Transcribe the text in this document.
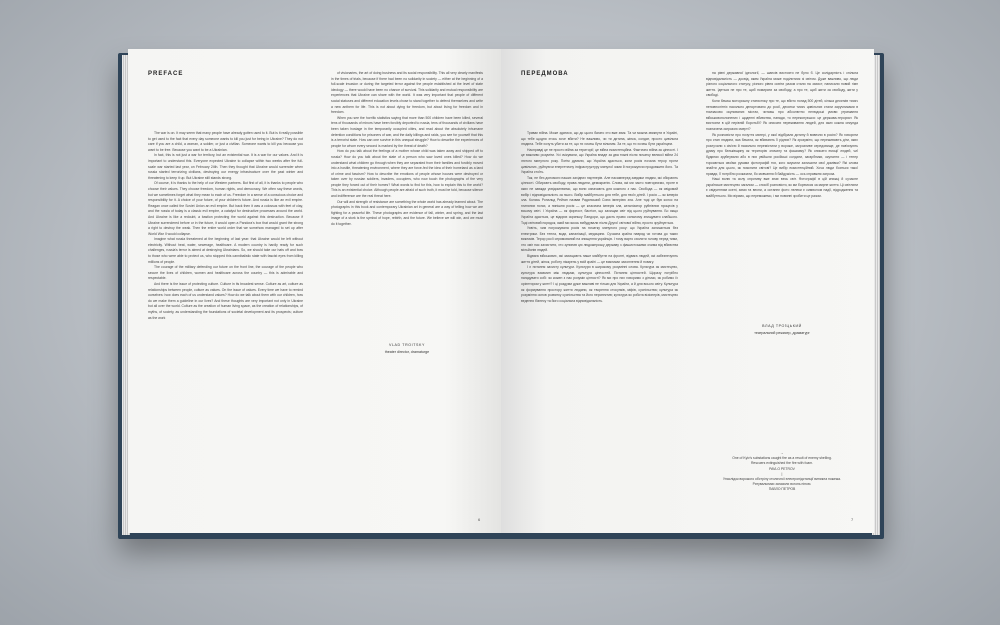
PREFACE

The war is on. It may seem that many people have already gotten used to it. But is it really possible to get used to the fact that every day someone wants to kill you just for being in Ukraine? They do not care if you are a child, a woman, a soldier, or just a civilian. Someone wants to kill you because you want to be free. Because you want to be a Ukrainian.

In fact, this is not just a war for territory, but an existential war. It is a war for our values. And it is important to understand this. Everyone expected Ukraine to collapse within two weeks after the full-scale war started last year, on February 24th. Then they thought that Ukraine would surrender when russia started terrorizing civilians, destroying our energy infrastructure over the past winter and threatening to keep it up. But Ukraine still stands strong.

Of course, it is thanks to the help of our Western partners. But first of all, it is thanks to people who choose their values. They choose freedom, human rights, and democracy. We often say these words, but we sometimes forget what they mean to each of us. Freedom in a sense of a conscious choice and responsibility for it. A choice of your future, of your children's future. And russia is like an evil empire. Reagan once called the Soviet Union an evil empire. But back then it was a colossus with feet of clay, and the russia of today is a classic evil empire, a catalyst for destructive processes around the world. And Ukraine is like a redoubt, a bastion protecting the world against this destruction. Because if Ukraine surrendered before or in the future, it would open a Pandora's box that would grant the strong a right to destroy the weak. Then the entire world order that we somehow managed to set up after World War II would collapse.

Imagine what russia threatened at the beginning of last year: that Ukraine would be left without electricity. Without heat, water, sewerage, healthcare. A modern country is hardly ready for such challenges, russia's terror is aimed at destroying Ukrainians. So, we should take our hats off and bow to those who were able to protect us, who stopped this cannibalistic state with fascist eyes from killing millions of people.

The courage of the military defending our future on the front line, the courage of the people who secure the lives of children, women and healthcare across the country — this is admirable and respectable.

And there is the issue of protecting culture. Culture in its broadest sense. Culture as art, culture as relationships between people, culture as values. On the issue of values. Every time we have to remind ourselves: how does each of us understand values? How do we talk about them with our children, how do we make them a guideline in our lives? And these thoughts are very important not only in Ukraine but all over the world. Culture as the creation of human living space, as the creation of relationships, of myths, of society, as understanding the foundations of societal development and its prospects; culture as the work

of visionaries, the art of doing business and its social responsibility. This all very clearly manifests in the times of trials, because if there had been no solidarity in society — either at the beginning of a full-scale invasion or during the targeted terror against the people established at the level of state ideology — there would have been no chance of survival. This solidarity and mutual responsibility are experiences that Ukraine can share with the world. It was very important that people of different social statuses and different education levels chose to stand together to defend themselves and write a new anthem for life. This is not about dying for freedom, but about living for freedom and in freedom.

When you see the horrific statistics saying that more than 500 children have been killed, several tens of thousands of minors have been forcibly deported to russia, tens of thousands of civilians have been taken hostage in the temporarily occupied cities, and read about the absolutely inhumane detention conditions for prisoners of war, and the daily killings and raids, you see for yourself that this is a terrorist state. How can one survive in this unequal struggle? How to describe the experiences of people for whom every second is marked by the threat of death?

How do you talk about the feelings of a mother whose child was taken away and shipped off to russia? How do you talk about the state of a person who saw loved ones killed? How do we understand what children go through when they are separated from their families and forcibly moved into a hostile, threatening environment, where they are force-fed the idea of their homeland as a land of crime and fascism? How to describe the emotions of people whose houses were destroyed or taken over by russian soldiers, invaders, occupiers, who now touch the photographs of the very people they forced out of their homes? What words to find for this, how to explain this to the world? This is an existential choice. Although people are afraid of such truth, it must be told, because silence and indifference are the real threat here.

Our will and strength of resistance are something the whole world has already learned about. The photographs in this book and contemporary Ukrainian art in general are a way of telling how we are fighting for a peaceful life. These photographs are evidence of fall, winter, and spring, and the last image of a stork is the symbol of hope, rebirth, and the future. We believe we will win, and we must do it together.

VLAD TROITSKY
theater director, dramaturge
6
ПЕРЕДМОВА

Триває війна. Може здатися, що до цього багато хто вже звик. Та чи можна звикнути в Україні, що тебе щодня хтось хоче вбити? Не важливо, чи ти дитина, жінка, солдат, просто цивільна людина. Тебе хочуть убити за те, що ти хочеш бути вільним. За те, що ти хочеш бути українцем.

Насправді це не просто війна за території; це війна екзистенційна. Фактично війна за цінності. І це важливо розуміти. Усі очікували, що Україна впаде за два тижні після початку великої війни 24 лютого минулого року. Потім думали, що Україна здасться, коли росія почала терор проти цивільних, руйнуючи енергетичну інфраструктуру минулої зими й погрожуючи продовжити його. Та Україна стоїть.

Так, не без допомоги наших західних партнерів. Але насамперед завдяки людям, які обирають цінності. Обирають свободу, права людини, демократію. Слова, які ми часто повторюємо, проте в яких не завжди усвідомлюємо, що вони означають для кожного з нас. Свобода — як свідомий вибір і відповідальність за нього. Вибір майбутнього для тебе, для твоїх дітей. І росія — як імперія зла. Колись Рональд Рейган назвав Радянський Союз імперією зла. Але тоді це був колос на глиняних ногах, а нинішня росія — це класична імперія зла, каталізатор руйнівних процесів у всьому світі. І Україна — як форпост, бастіон, що захищає світ від цього руйнування. Бо якщо Україна здасться, це відкриє скриньку Пандори, що дасть право сильному знищувати слабшого. Тоді світовий порядок, який ми якось вибудували після Другої світової війни, просто зруйнується.

Уявіть, чим погрожувала росія на початку минулого року: що Україна залишиться без електрики. Без тепла, води, каналізації, медицини. Сучасна країна навряд чи готова до таких викликів. Терор росії спрямований на знищення українців. І тому варто схилити голову перед тими, хто зміг нас захистити, хто зупинив цю людожерську державу з фашистськими очима від вбивства мільйонів людей.

Відвага військових, які захищають наше майбутнє на фронті, відвага людей, які забезпечують життя дітей, жінок, роботу лікарень у всій країні — це викликає захоплення й повагу.

І є питання захисту культури. Культури в широкому розумінні слова. Культура як мистецтво, культура взаємин між людьми, культура цінностей. Питання цінностей. Щоразу потрібно нагадувати собі: як кожен з нас розуміє цінності? Як ми про них говоримо з дітьми, як робимо їх орієнтиром у житті? І ці роздуми дуже важливі не тільки для України, а й для всього світу. Культура як формування простору життя людини, як творення стосунків, міфів, суспільства; культура як розуміння основ розвитку суспільства та його перспектив; культура як робота візіонерів, мистецтво ведення бізнесу та його соціальна відповідальність.

на рівні державної ідеології, — шансів вистояти не було б. Це солідарність і спільна відповідальність — досвід, яким Україна може поділитися зі світом. Дуже важливо, що люди різного соціального статусу, різного рівня освіти разом стали на захист, написали новий гімн життя. Ідеться не про те, щоб помирати за свободу, а про те, щоб жити за свободу, жити у свободі.

Коли бачиш моторошну статистику про те, що вбито понад 500 дітей, кілька десятків тисяч неповнолітніх насильно депортовано до росії, десятки тисяч цивільних стали заручниками в тимчасово окупованих містах, читаєш про абсолютно нелюдські умови утримання військовополонених і щоденні вбивства, напади, то переконуєшся: це держава-терорист. Як вистояти в цій нерівній боротьбі? Як описати переживання людей, для яких кожна секунда позначена загрозою смерті?

Як розповісти про почуття матері, у якої відібрали дитину й вивезли в росію? Як говорити про стан людини, яка бачила, як вбивають її рідних? Як зрозуміти, що переживають діти, яких розлучили з сім'єю й насильно перемістили у ворожe, загрозливе середовище, де нав'язують думку про батьківщину як територію злочину та фашизму? Як описати емоції людей, чиї будинки зруйнували або в них увійшли російські солдати, загарбники, окупанти — і тепер торкаються своїми руками фотографій тих, кого змусили залишити свої домівки? Які слова знайти для цього, як пояснити світові? Це вибір екзистенційний. Хоча люди бояться такої правди, її потрібно розказати, бо мовчання й байдужість — ось справжня загроза.

Наші волю та силу спротиву вже знає весь світ. Фотографії в цій книжці й сучасне українське мистецтво загалом — спосіб розповісти, як ми боремося за мирне життя. Ці світлини є свідченням осені, зими та весни, а останнє фото лелеки є символом надії, відродження та майбутнього. Ми віримо, що переможемо, і ми повинні зробити це разом.

ВЛАД ТРОЇЦЬКИЙ
театральний режисер, драматург
→
One of Kyiv's substations caught fire as a result of enemy shelling.
Rescuers extinguished the fire with foam.
PAVLO PETROV
|
Унаслідок ворожого обстрілу столичної електропідстанції виникла пожежа.
Рятувальники загасили вогонь піною.
ПАВЛО ПЕТРОВ
7
